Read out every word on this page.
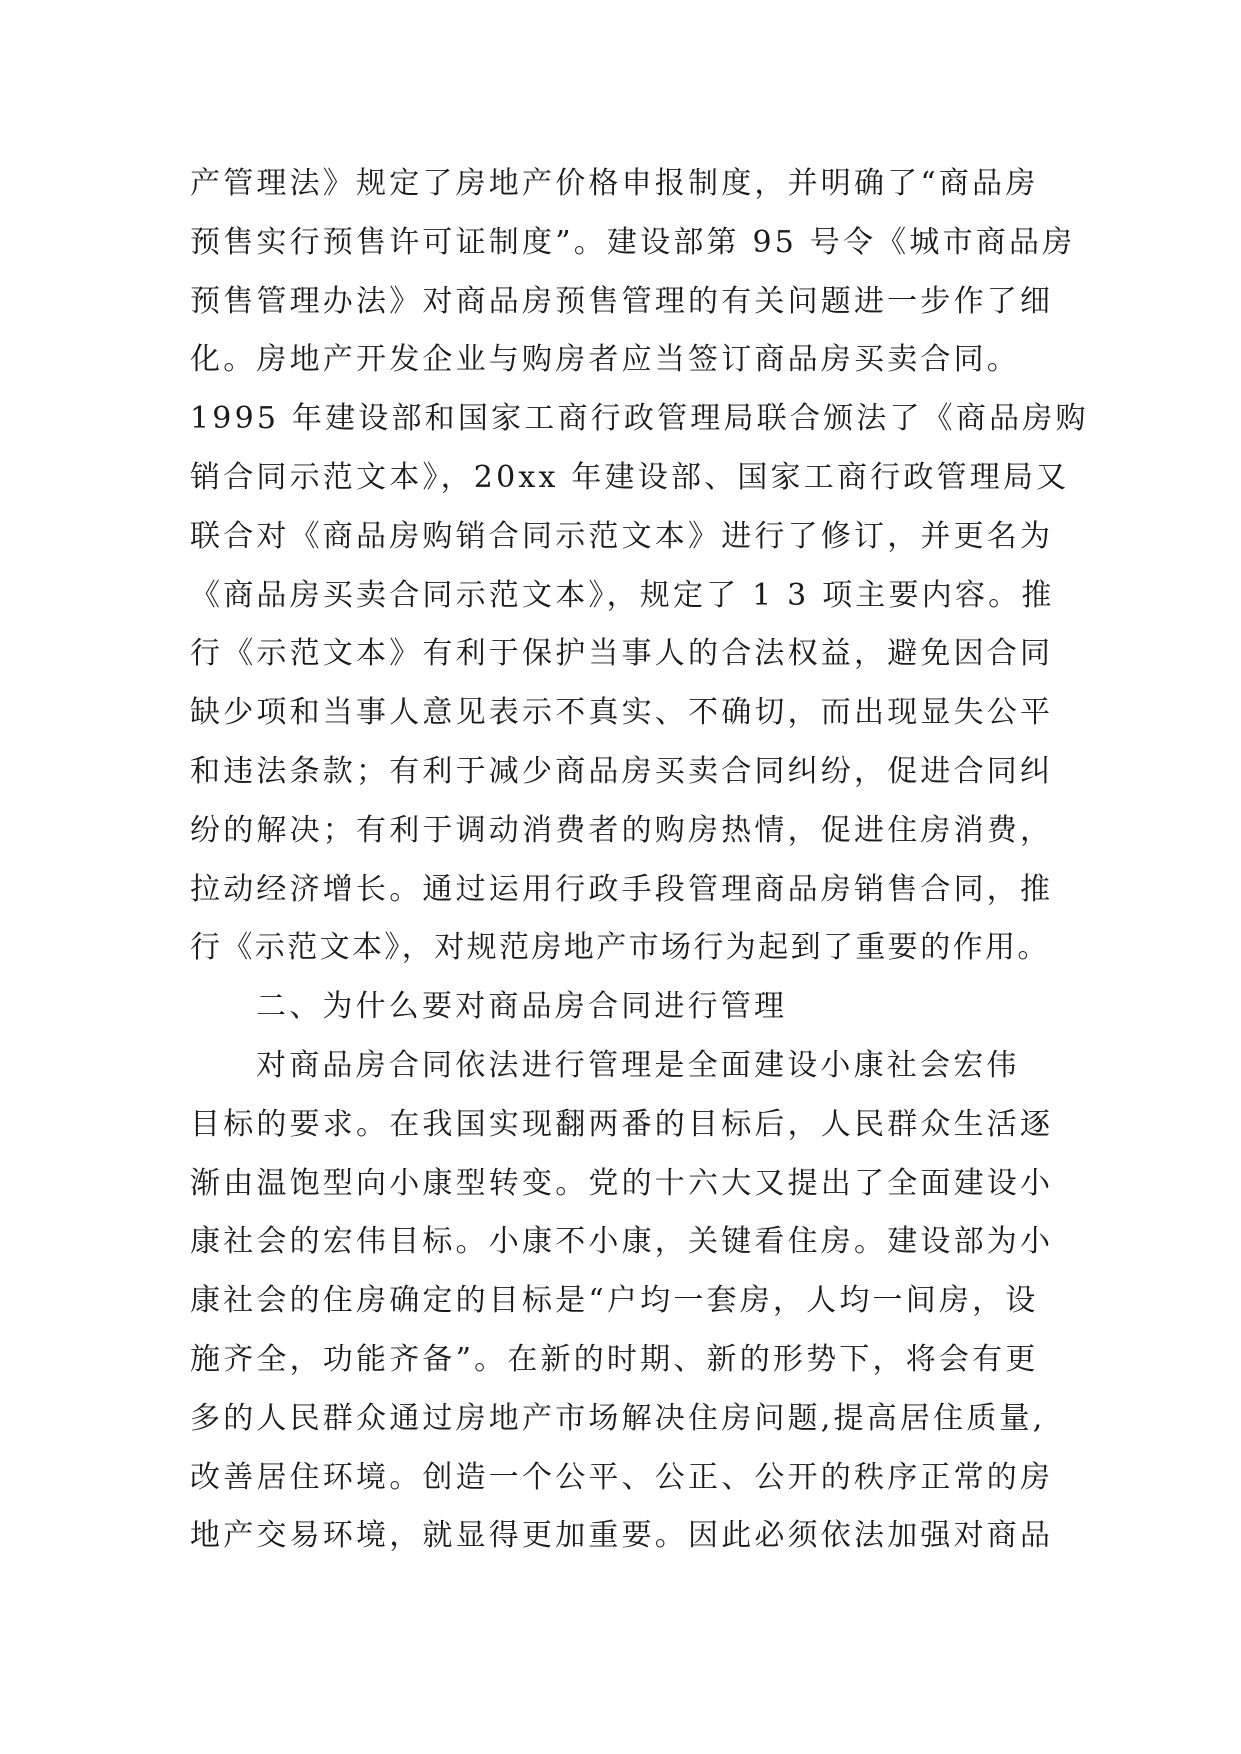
产管理法》规定了房地产价格申报制度，并明确了“商品房
预售实行预售许可证制度”。建设部第 95 号令《城市商品房
预售管理办法》对商品房预售管理的有关问题进一步作了细
化。房地产开发企业与购房者应当签订商品房买卖合同。
1995 年建设部和国家工商行政管理局联合颁法了《商品房购
销合同示范文本》，20xx 年建设部、国家工商行政管理局又
联合对《商品房购销合同示范文本》进行了修订，并更名为
《商品房买卖合同示范文本》，规定了 1 3 项主要内容。推
行《示范文本》有利于保护当事人的合法权益，避免因合同
缺少项和当事人意见表示不真实、不确切，而出现显失公平
和违法条款；有利于减少商品房买卖合同纠纷，促进合同纠
纷的解决；有利于调动消费者的购房热情，促进住房消费，
拉动经济增长。通过运用行政手段管理商品房销售合同，推
行《示范文本》，对规范房地产市场行为起到了重要的作用。
二、为什么要对商品房合同进行管理
对商品房合同依法进行管理是全面建设小康社会宏伟
目标的要求。在我国实现翻两番的目标后，人民群众生活逐
渐由温饱型向小康型转变。党的十六大又提出了全面建设小
康社会的宏伟目标。小康不小康，关键看住房。建设部为小
康社会的住房确定的目标是“户均一套房，人均一间房，设
施齐全，功能齐备”。在新的时期、新的形势下，将会有更
多的人民群众通过房地产市场解决住房问题,提高居住质量,
改善居住环境。创造一个公平、公正、公开的秩序正常的房
地产交易环境，就显得更加重要。因此必须依法加强对商品
